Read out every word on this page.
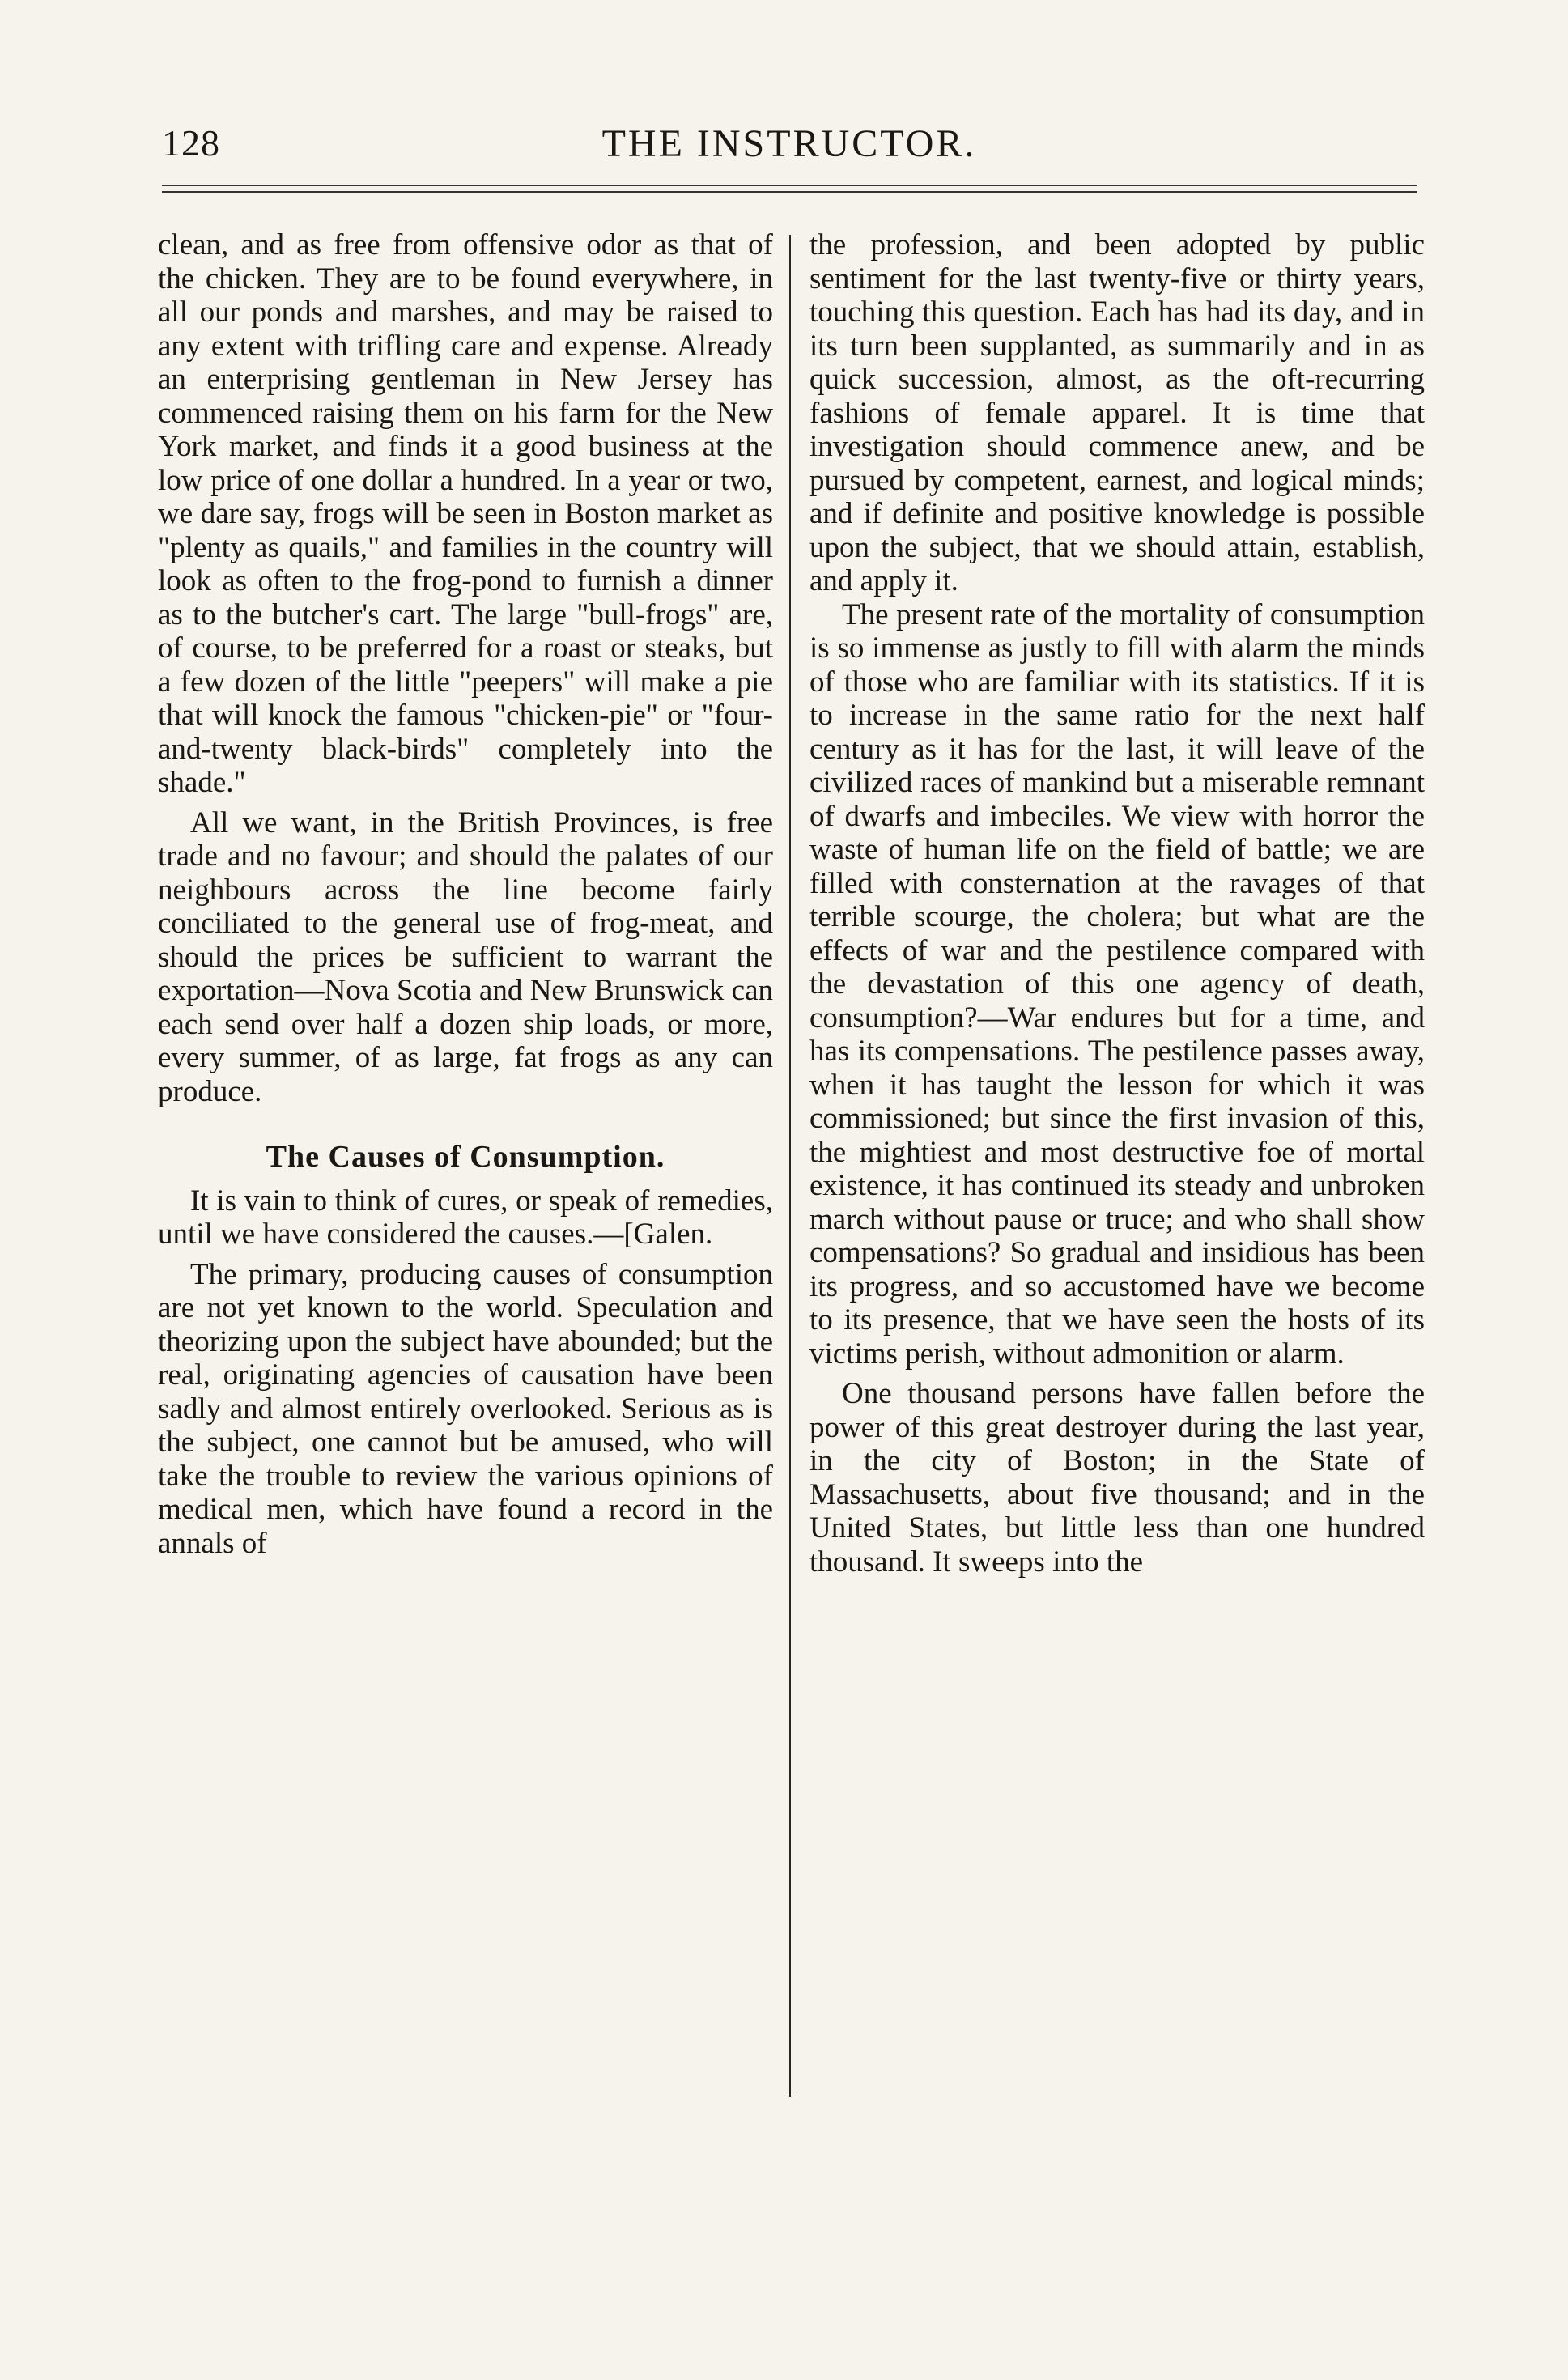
128	THE INSTRUCTOR.

clean, and as free from offensive odor as that of the chicken. They are to be found everywhere, in all our ponds and marshes, and may be raised to any extent with trifling care and expense. Already an enterprising gentleman in New Jersey has commenced raising them on his farm for the New York market, and finds it a good business at the low price of one dollar a hundred. In a year or two, we dare say, frogs will be seen in Boston market as "plenty as quails," and families in the country will look as often to the frog-pond to furnish a dinner as to the butcher's cart. The large "bull-frogs" are, of course, to be preferred for a roast or steaks, but a few dozen of the little "peepers" will make a pie that will knock the famous "chicken-pie" or "four-and-twenty black-birds" completely into the shade."

All we want, in the British Provinces, is free trade and no favour; and should the palates of our neighbours across the line become fairly conciliated to the general use of frog-meat, and should the prices be sufficient to warrant the exportation—Nova Scotia and New Brunswick can each send over half a dozen ship loads, or more, every summer, of as large, fat frogs as any can produce.

The Causes of Consumption.

It is vain to think of cures, or speak of remedies, until we have considered the causes.—[Galen.

The primary, producing causes of consumption are not yet known to the world. Speculation and theorizing upon the subject have abounded; but the real, originating agencies of causation have been sadly and almost entirely overlooked. Serious as is the subject, one cannot but be amused, who will take the trouble to review the various opinions of medical men, which have found a record in the annals of

the profession, and been adopted by public sentiment for the last twenty-five or thirty years, touching this question. Each has had its day, and in its turn been supplanted, as summarily and in as quick succession, almost, as the oft-recurring fashions of female apparel. It is time that investigation should commence anew, and be pursued by competent, earnest, and logical minds; and if definite and positive knowledge is possible upon the subject, that we should attain, establish, and apply it.

The present rate of the mortality of consumption is so immense as justly to fill with alarm the minds of those who are familiar with its statistics. If it is to increase in the same ratio for the next half century as it has for the last, it will leave of the civilized races of mankind but a miserable remnant of dwarfs and imbeciles. We view with horror the waste of human life on the field of battle; we are filled with consternation at the ravages of that terrible scourge, the cholera; but what are the effects of war and the pestilence compared with the devastation of this one agency of death, consumption?—War endures but for a time, and has its compensations. The pestilence passes away, when it has taught the lesson for which it was commissioned; but since the first invasion of this, the mightiest and most destructive foe of mortal existence, it has continued its steady and unbroken march without pause or truce; and who shall show compensations? So gradual and insidious has been its progress, and so accustomed have we become to its presence, that we have seen the hosts of its victims perish, without admonition or alarm.

One thousand persons have fallen before the power of this great destroyer during the last year, in the city of Boston; in the State of Massachusetts, about five thousand; and in the United States, but little less than one hundred thousand. It sweeps into the
